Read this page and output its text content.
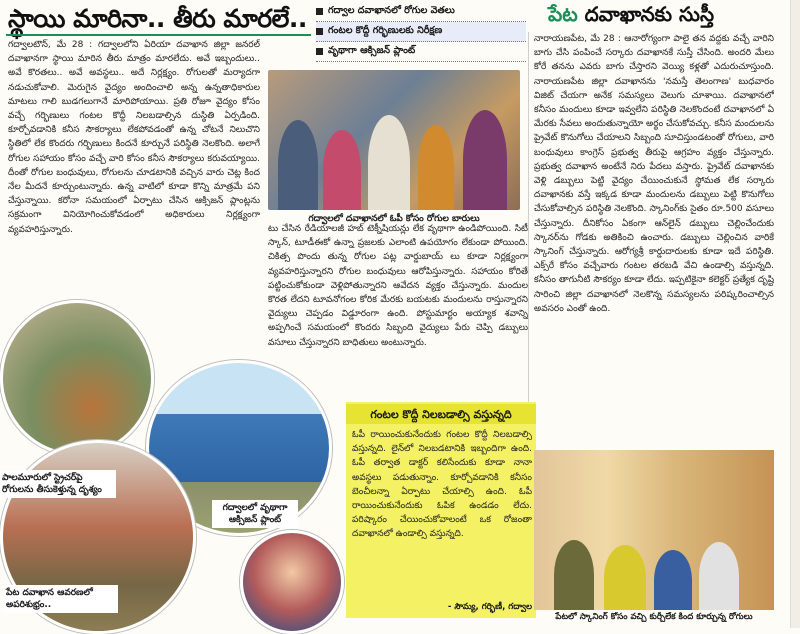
స్థాయి మారినా.. తీరు మారలే.. గద్వాల దవాఖానలో రోగుల వెతలు
గంటల కొద్దీ గర్భిణులకు నిరీక్షణ
వృథాగా ఆక్సిజన్ ప్లాంట్
పేట దవాఖానకు సుస్తీ
గద్వాలటౌన్, మే 28 : గద్వాలలోని ఏరియా దవాఖాన జిల్లా జనరల్ దవాఖానగా స్థాయి మారిన తీరు మాత్రం మారలేదు. అవే ఇబ్బందులు.. అవే కొరతలు.. అవే అవస్థలు.. అదే నిర్లక్ష్యం. రోగులతో మర్యాదగా నడుచుకోవాలి. మెరుగైన వైద్యం అందించాలి అన్న ఉన్నతాధికారుల మాటలు గాలి బుడగలుగానే మారిపోయాయి. ప్రతి రోజూ వైద్యం కోసం వచ్చే గర్భిణులు గంటల కొద్దీ నిలబడాల్సిన దుస్థితి ఏర్పడింది. కూర్చోవడానికి కనీస సౌకర్యాలు లేకపోవడంతో ఉన్న చోటనే నిలుచొని స్థితిలో లేక కొందరు గర్భిణులు కిందనే కూర్చునే పరిస్థితి నెలకొంది. అలాగే రోగుల సహాయం కోసం వచ్చే వారి కోసం కనీస సౌకర్యాలు కరువయ్యాయి. దీంతో రోగుల బంధువులు, రోగులను చూడటానికి వచ్చిన వారు చెట్ల కింద నేల మీదనే కూర్చుంటున్నారు. ఉన్న వాటిలో కూడా కొన్ని మాత్రమే పని చేస్తున్నాయి. కరోనా సమయంలో ఏర్పాటు చేసిన ఆక్సిజన్ ప్లాంట్లను సక్రమంగా వినియోగించుకోవడంలో అధికారులు నిర్లక్ష్యంగా వ్యవహరిస్తున్నారు.
గద్వాలలో దవాఖానలో ఓపీ కోసం రోగుల బారులు
టు చేసిన రేడియాలజీ హబ్ టెక్నీషియన్లు లేక వృథాగా ఉండిపోయింది. సిటీ స్కాన్, టూడీఈకో ఉన్నా ప్రజలకు ఎలాంటి ఉపయోగం లేకుండా పోయింది. చికిత్స పొందు తున్న రోగుల పట్ల వార్డుబాయ్ లు కూడా నిర్లక్ష్యంగా వ్యవహరిస్తున్నారని రోగుల బంధువులు ఆరోపిస్తున్నారు. సహాయం కోరితే పట్టించుకోకుండా వెళ్లిపోతున్నారని ఆవేదన వ్యక్తం చేస్తున్నారు. మందుల కొరత లేదని టూవనోగంల కోరిక మేరకు బయటకు మందులను రాస్తున్నారని వైద్యులు చెప్పడం విడ్డూరంగా ఉంది. పోస్టుమార్టం అయ్యాక శవాన్ని అప్పగించే సమయంలో కొందరు సిబ్బంది వైద్యులు పేరు చెప్పి డబ్బులు వసూలు చేస్తున్నారని బాధితులు అంటున్నారు.
పాలమూరులో స్ట్రెచర్‌పై రోగులను తీసుకెళ్తున్న దృశ్యం
గద్వాలలో వృథాగా ఆక్సిజన్ ప్లాంట్
పేట దవాఖాన ఆవరణలో అపరిశుభ్రం..
గంటల కొద్దీ నిలబడాల్సి వస్తున్నది
ఓపీ రాయించుకునేందుకు గంటల కొద్దీ నిలబడాల్సి వస్తున్నది. లైన్‌లో నిలబడటానికి ఇబ్బందిగా ఉంది. ఓపీ తర్వాత డాక్టర్ కలిసేందుకు కూడా నానా అవస్థలు పడుతున్నాం. కూర్చోవడానికి కనీసం బెంచీలన్నా ఏర్పాటు చేయాల్సి ఉంది. ఓపీ రాయించుకునేందుకు ఓపిక ఉండడం లేదు. పరిష్కారం చేయించుకోవాలంటే ఒక రోజంతా దవాఖానలో ఉండాల్సి వస్తున్నది.
- సౌమ్య, గర్భిణీ, గద్వాల
నారాయణపేట, మే 28 : ఆనారోగ్యంగా పాలై తన వద్దకు వచ్చే వారిని బాగు చేసి పంపించే సర్కారు దవాఖానకే సుస్తీ చేసింది. అందరి మేలు కోరే తనను ఎవరు బాగు చేస్తారని వెయ్యి కళ్లతో ఎదురుచూస్తుంది. నారాయణపేట జిల్లా దవాఖానను 'నమస్తే తెలంగాణ' బుధవారం విజిట్ చేయగా అనేక సమస్యలు వెలుగు చూశాయి. దవాఖానలో కనీసం మందులు కూడా ఇవ్వలేని పరిస్థితి నెలకొందంటే దవాఖానలో ఏ మేరకు సేవలు అందుతున్నాయో అర్థం చేసుకోవచ్చు. కనీస మందులను ప్రైవేట్ కొనుగోలు చేయాలని సిబ్బంది సూచిస్తుండటంతో రోగులు, వారి బంధువులు కాంగ్రెస్ ప్రభుత్వ తీరుపై ఆగ్రహం వ్యక్తం చేస్తున్నారు. ప్రభుత్వ దవాఖాన అంటేనే నిరు పేదలు వస్తారు. ప్రైవేట్ దవాఖానకు వెళ్లి డబ్బులు పెట్టి వైద్యం చేయించుకునే స్థోమత లేక సర్కారు దవాఖానకు వస్తే ఇక్కడ కూడా మందులను డబ్బులు పెట్టి కొనుగోలు చేసుకోవాల్సిన పరిస్థితి నెలకొంది. స్కానింగ్‌కు సైతం రూ.500 వసూలు చేస్తున్నారు. దీనికోసం ఏకంగా ఆన్‌లైన్ డబ్బులు చెల్లించేందుకు స్కానర్‌ను గోడకు అతికించి ఉంచారు. డబ్బులు చెల్లించిన వారికే స్కానింగ్ చేస్తున్నారు. ఆరోగ్యశ్రీ కార్డుదారులకు కూడా ఇదే పరిస్థితి. ఎక్స్‌రే కోసం వచ్చేవారు గంటల తరబడి వేచి ఉండాల్సి వస్తున్నది. కనీసం తాగునీటి సౌకర్యం కూడా లేదు. ఇప్పటికైనా కలెక్టర్ ప్రత్యేక దృష్టి సారించి జిల్లా దవాఖానలో నెలకొన్న సమస్యలను పరిష్కరించాల్సిన అవసరం ఎంతో ఉంది.
పేటలో స్కానింగ్ కోసం వచ్చి కుర్చీలేక కింద కూర్చున్న రోగులు
